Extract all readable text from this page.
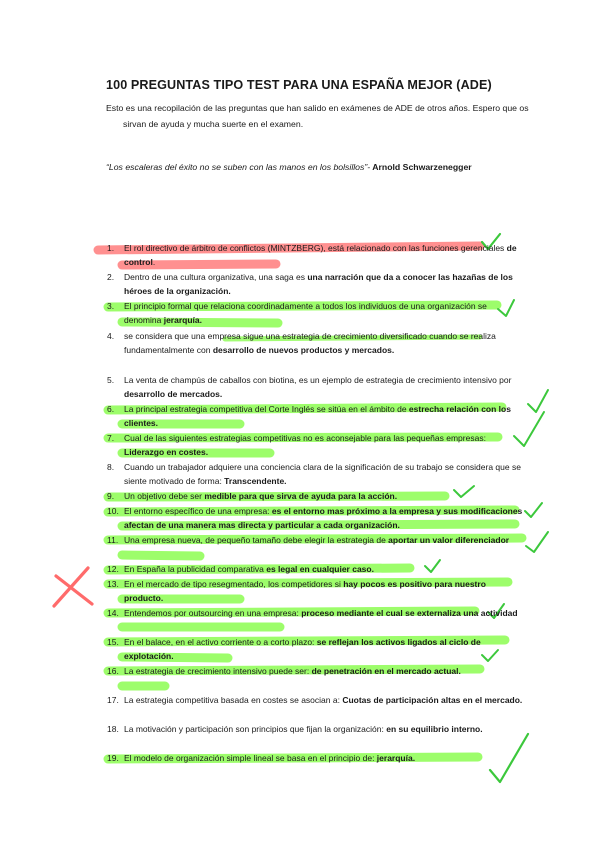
100 PREGUNTAS TIPO TEST PARA UNA ESPAÑA MEJOR (ADE)
Esto es una recopilación de las preguntas que han salido en exámenes de ADE de otros años. Espero que os sirvan de ayuda y mucha suerte en el examen.
“Los escaleras del éxito no se suben con las manos en los bolsillos”- Arnold Schwarzenegger
1.	El rol directivo de árbitro de conflictos (MINTZBERG), está relacionado con las funciones gerenciales de control.
2.	Dentro de una cultura organizativa, una saga es una narración que da a conocer las hazañas de los héroes de la organización.
3.	El principio formal que relaciona coordinadamente a todos los individuos de una organización se denomina jerarquía.
4.	se considera que una empresa sigue una estrategia de crecimiento diversificado cuando se realiza fundamentalmente con desarrollo de nuevos productos y mercados.
5.	La venta de champús de caballos con biotina, es un ejemplo de estrategia de crecimiento intensivo por desarrollo de mercados.
6.	La principal estrategia competitiva del Corte Inglés se sitúa en el ámbito de estrecha relación con los clientes.
7.	Cual de las siguientes estrategias competitivas no es aconsejable para las pequeñas empresas: Liderazgo en costes.
8.	Cuando un trabajador adquiere una conciencia clara de la significación de su trabajo se considera que se siente motivado de forma: Transcendente.
9.	Un objetivo debe ser medible para que sirva de ayuda para la acción.
10. El entorno específico de una empresa: es el entorno mas próximo a la empresa y sus modificaciones afectan de una manera mas directa y particular a cada organización.
11. Una empresa nueva, de pequeño tamaño debe elegir la estrategia de aportar un valor diferenciador
12. En España la publicidad comparativa es legal en cualquier caso.
13. En el mercado de tipo resegmentado, los competidores si hay pocos es positivo para nuestro producto.
14. Entendemos por outsourcing en una empresa: proceso mediante el cual se externaliza una actividad
15. En el balace, en el activo corriente o a corto plazo: se reflejan los activos ligados al ciclo de explotación.
16. La estrategia de crecimiento intensivo puede ser: de penetración en el mercado actual.
17. La estrategia competitiva basada en costes se asocian a: Cuotas de participación altas en el mercado.
18. La motivación y participación son principios que fijan la organización: en su equilibrio interno.
19. El modelo de organización simple lineal se basa en el principio de: jerarquía.
